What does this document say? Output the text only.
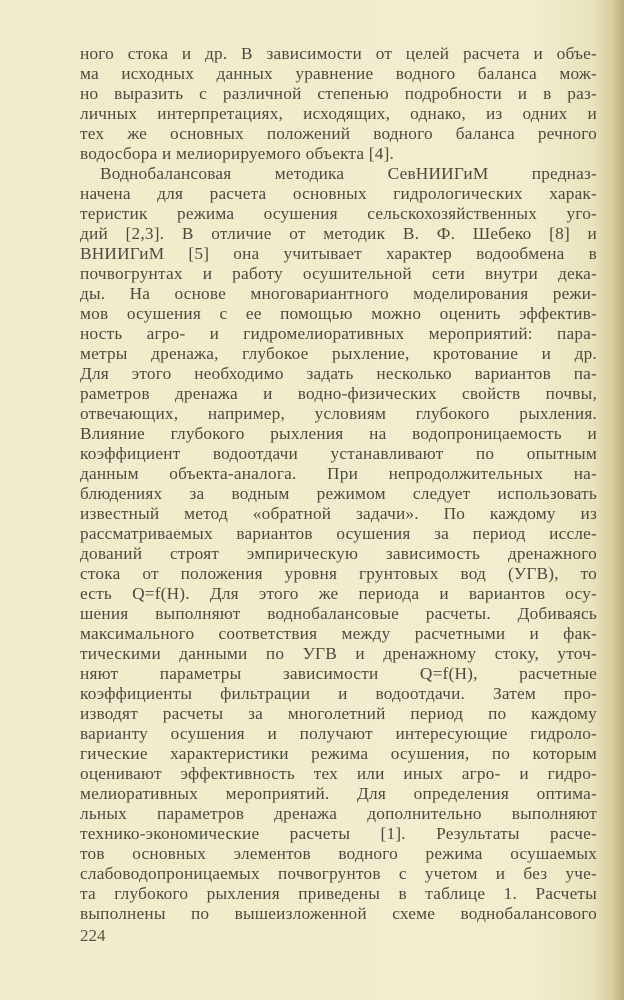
ного стока и др. В зависимости от целей расчета и объе-
ма исходных данных уравнение водного баланса мож-
но выразить с различной степенью подробности и в раз-
личных интерпретациях, исходящих, однако, из одних и
тех же основных положений водного баланса речного
водосбора и мелиорируемого объекта [4].
Воднобалансовая методика СевНИИГиМ предназ-
начена для расчета основных гидрологических харак-
теристик режима осушения сельскохозяйственных уго-
дий [2,3]. В отличие от методик В. Ф. Шебеко [8] и
ВНИИГиМ [5] она учитывает характер водообмена в
почвогрунтах и работу осушительной сети внутри дека-
ды. На основе многовариантного моделирования режи-
мов осушения с ее помощью можно оценить эффектив-
ность агро- и гидромелиоративных мероприятий: пара-
метры дренажа, глубокое рыхление, кротование и др.
Для этого необходимо задать несколько вариантов па-
раметров дренажа и водно-физических свойств почвы,
отвечающих, например, условиям глубокого рыхления.
Влияние глубокого рыхления на водопроницаемость и
коэффициент водоотдачи устанавливают по опытным
данным объекта-аналога. При непродолжительных на-
блюдениях за водным режимом следует использовать
известный метод «обратной задачи». По каждому из
рассматриваемых вариантов осушения за период иссле-
дований строят эмпирическую зависимость дренажного
стока от положения уровня грунтовых вод (УГВ), то
есть Q=f(H). Для этого же периода и вариантов осу-
шения выполняют воднобалансовые расчеты. Добиваясь
максимального соответствия между расчетными и фак-
тическими данными по УГВ и дренажному стоку, уточ-
няют параметры зависимости Q=f(H), расчетные
коэффициенты фильтрации и водоотдачи. Затем про-
изводят расчеты за многолетний период по каждому
варианту осушения и получают интересующие гидроло-
гические характеристики режима осушения, по которым
оценивают эффективность тех или иных агро- и гидро-
мелиоративных мероприятий. Для определения оптима-
льных параметров дренажа дополнительно выполняют
технико-экономические расчеты [1]. Результаты расче-
тов основных элементов водного режима осушаемых
слабоводопроницаемых почвогрунтов с учетом и без уче-
та глубокого рыхления приведены в таблице 1. Расчеты
выполнены по вышеизложенной схеме воднобалансового
224
